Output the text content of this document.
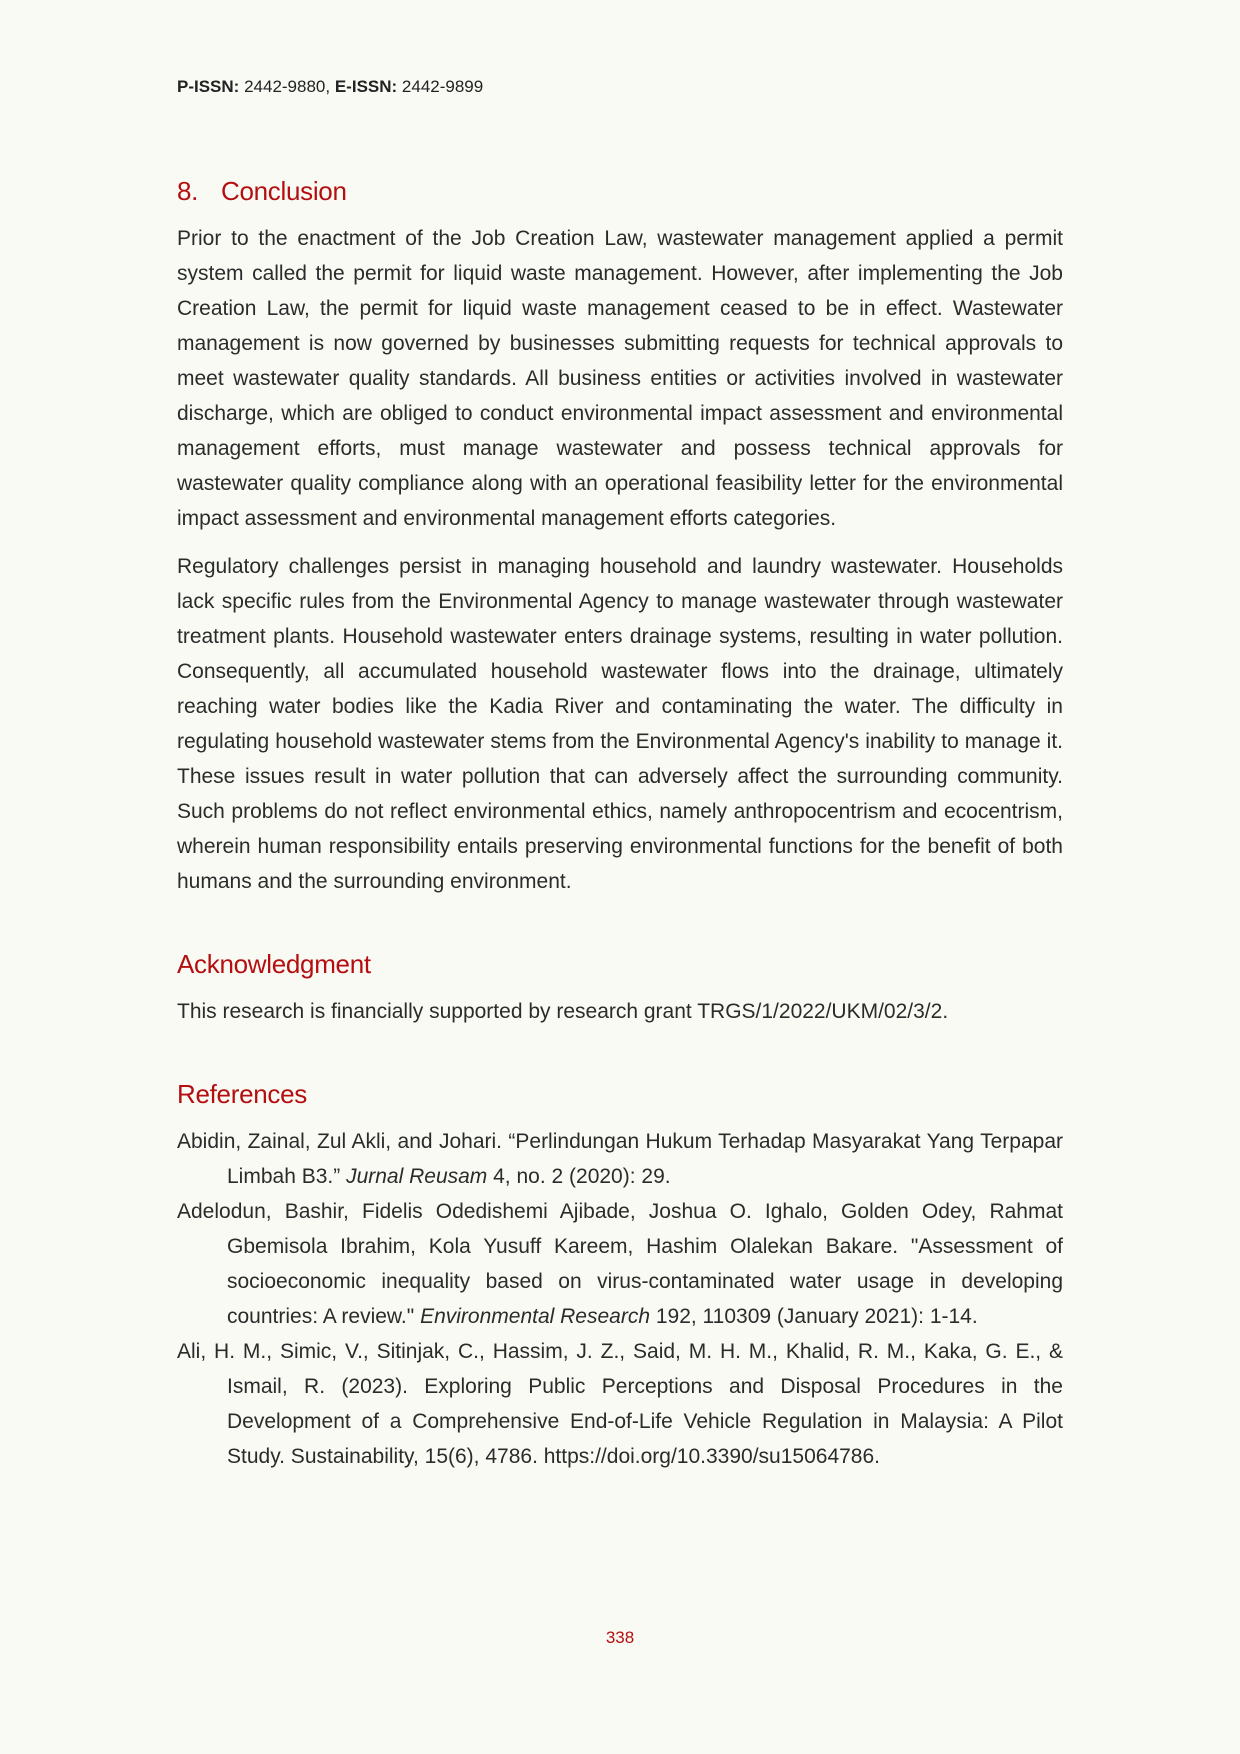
P-ISSN: 2442-9880, E-ISSN: 2442-9899
8. Conclusion

Prior to the enactment of the Job Creation Law, wastewater management applied a permit system called the permit for liquid waste management. However, after implementing the Job Creation Law, the permit for liquid waste management ceased to be in effect. Wastewater management is now governed by businesses submitting requests for technical approvals to meet wastewater quality standards. All business entities or activities involved in wastewater discharge, which are obliged to conduct environmental impact assessment and environmental management efforts, must manage wastewater and possess technical approvals for wastewater quality compliance along with an operational feasibility letter for the environmental impact assessment and environmental management efforts categories.

Regulatory challenges persist in managing household and laundry wastewater. Households lack specific rules from the Environmental Agency to manage wastewater through wastewater treatment plants. Household wastewater enters drainage systems, resulting in water pollution. Consequently, all accumulated household wastewater flows into the drainage, ultimately reaching water bodies like the Kadia River and contaminating the water. The difficulty in regulating household wastewater stems from the Environmental Agency's inability to manage it. These issues result in water pollution that can adversely affect the surrounding community. Such problems do not reflect environmental ethics, namely anthropocentrism and ecocentrism, wherein human responsibility entails preserving environmental functions for the benefit of both humans and the surrounding environment.

Acknowledgment

This research is financially supported by research grant TRGS/1/2022/UKM/02/3/2.

References
Abidin, Zainal, Zul Akli, and Johari. “Perlindungan Hukum Terhadap Masyarakat Yang Terpapar Limbah B3.” Jurnal Reusam 4, no. 2 (2020): 29.
Adelodun, Bashir, Fidelis Odedishemi Ajibade, Joshua O. Ighalo, Golden Odey, Rahmat Gbemisola Ibrahim, Kola Yusuff Kareem, Hashim Olalekan Bakare. "Assessment of socioeconomic inequality based on virus-contaminated water usage in developing countries: A review." Environmental Research 192, 110309 (January 2021): 1-14.
Ali, H. M., Simic, V., Sitinjak, C., Hassim, J. Z., Said, M. H. M., Khalid, R. M., Kaka, G. E., & Ismail, R. (2023). Exploring Public Perceptions and Disposal Procedures in the Development of a Comprehensive End-of-Life Vehicle Regulation in Malaysia: A Pilot Study. Sustainability, 15(6), 4786. https://doi.org/10.3390/su15064786.
338
